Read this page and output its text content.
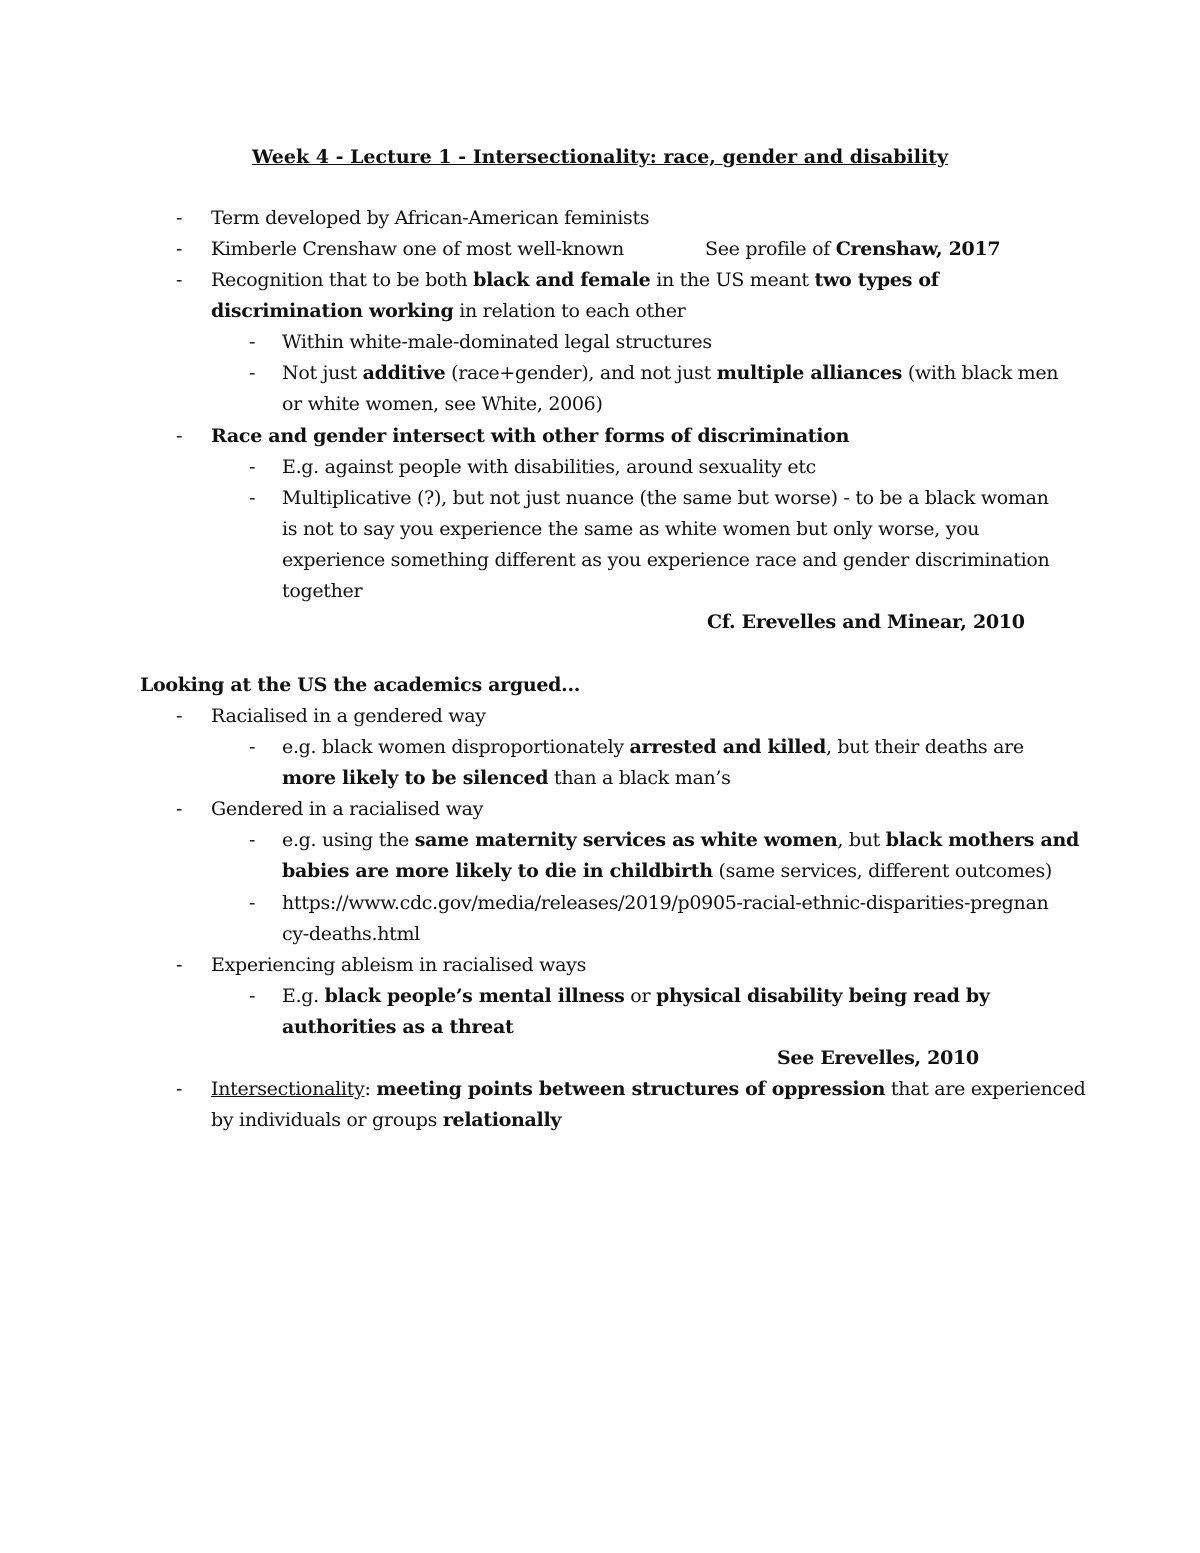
Week 4 - Lecture 1 - Intersectionality: race, gender and disability
- Term developed by African-American feminists
- Kimberle Crenshaw one of most well-known	See profile of Crenshaw, 2017
- Recognition that to be both black and female in the US meant two types of
discrimination working in relation to each other
- Within white-male-dominated legal structures
- Not just additive (race+gender), and not just multiple alliances (with black men
or white women, see White, 2006)
- Race and gender intersect with other forms of discrimination
- E.g. against people with disabilities, around sexuality etc
- Multiplicative (?), but not just nuance (the same but worse) - to be a black woman
is not to say you experience the same as white women but only worse, you
experience something different as you experience race and gender discrimination
together
Cf. Erevelles and Minear, 2010
Looking at the US the academics argued...
- Racialised in a gendered way
- e.g. black women disproportionately arrested and killed, but their deaths are
more likely to be silenced than a black man’s
- Gendered in a racialised way
- e.g. using the same maternity services as white women, but black mothers and
babies are more likely to die in childbirth (same services, different outcomes)
- https://www.cdc.gov/media/releases/2019/p0905-racial-ethnic-disparities-pregnan
cy-deaths.html
- Experiencing ableism in racialised ways
- E.g. black people’s mental illness or physical disability being read by
authorities as a threat
See Erevelles, 2010
- Intersectionality: meeting points between structures of oppression that are experienced
by individuals or groups relationally
